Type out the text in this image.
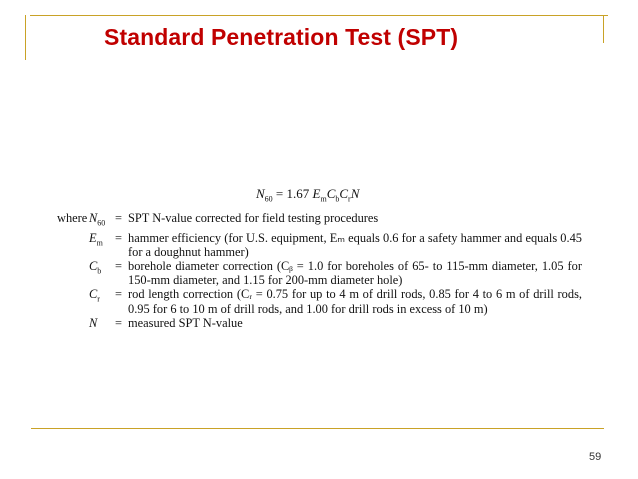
Standard Penetration Test (SPT)
$N_{60} = 1.67$ $E_mC_bC_rN$
where $N_{60}$ = SPT N-value corrected for field testing procedures
$E_m$ = hammer efficiency (for U.S. equipment, Eₘ equals 0.6 for a safety hammer and equals 0.45 for a doughnut hammer)
$C_b$	= borehole diameter correction (Cᵦ = 1.0 for boreholes of 65- to 115-mm diameter, 1.05 for 150-mm diameter, and 1.15 for 200-mm diameter hole)
$C_r$	= rod length correction (Cᵣ = 0.75 for up to 4 m of drill rods, 0.85 for 4 to 6 m of drill rods, 0.95 for 6 to 10 m of drill rods, and 1.00 for drill rods in excess of 10 m)
N	= measured SPT N-value
59
